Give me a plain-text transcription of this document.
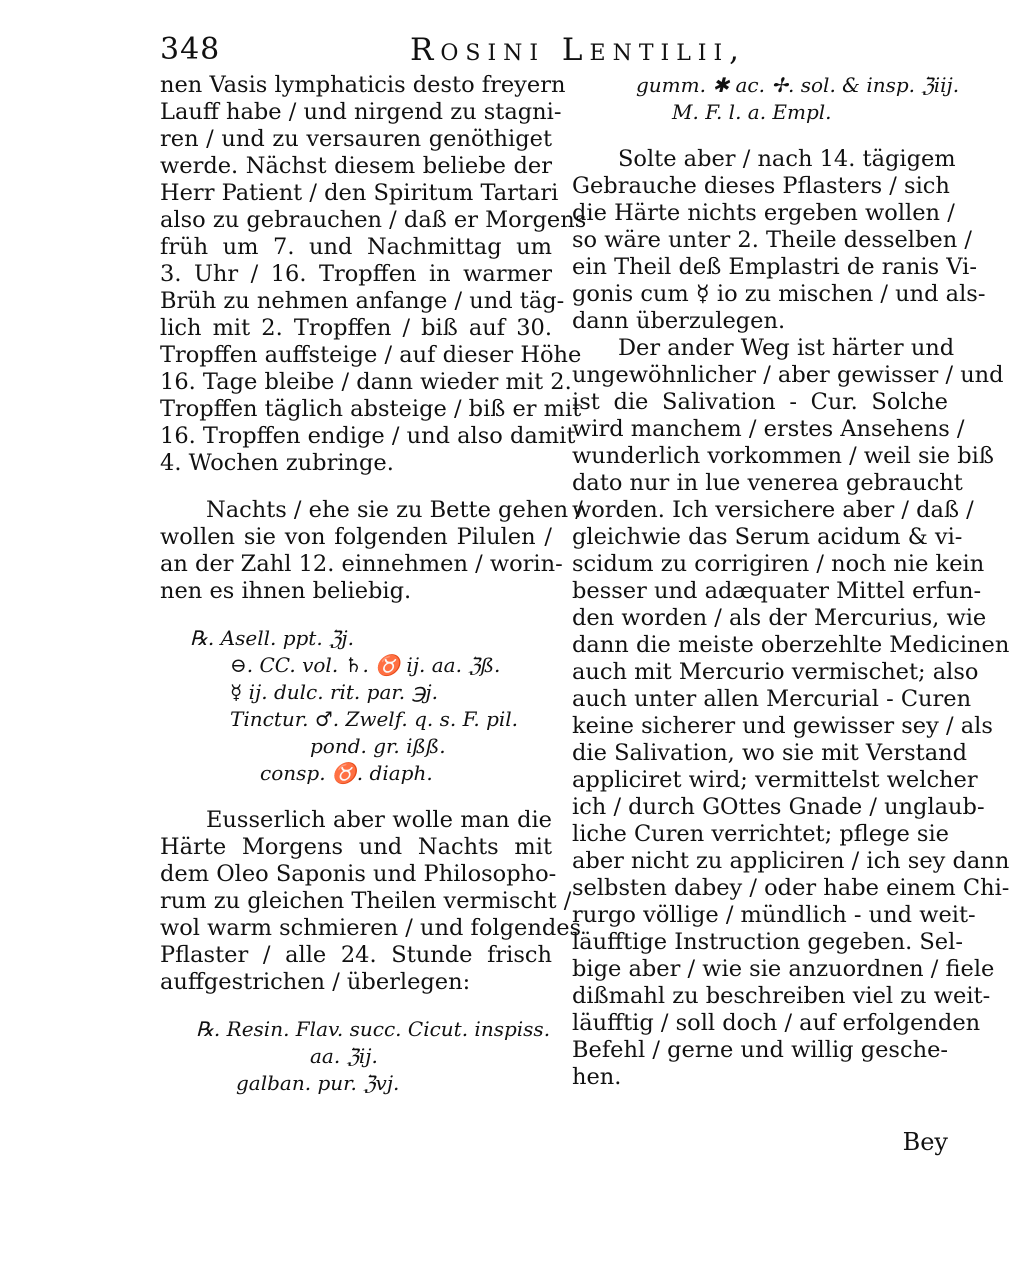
348	Rosini Lentilii,
nen Vasis lymphaticis desto freyern
Lauff habe / und nirgend zu stagni-
ren / und zu versauren genöthiget
werde. Nächst diesem beliebe der
Herr Patient / den Spiritum Tartari
also zu gebrauchen / daß er Morgens
früh um 7. und Nachmittag um
3. Uhr / 16. Tropffen in warmer
Brüh zu nehmen anfange / und täg-
lich mit 2. Tropffen / biß auf 30.
Tropffen auffsteige / auf dieser Höhe
16. Tage bleibe / dann wieder mit 2.
Tropffen täglich absteige / biß er mit
16. Tropffen endige / und also damit
4. Wochen zubringe.
Nachts / ehe sie zu Bette gehen /
wollen sie von folgenden Pilulen /
an der Zahl 12. einnehmen / worin-
nen es ihnen beliebig.
℞. Asell. ppt. ℨj.
⊖. CC. vol. ♄. ♉ ij. aa. ℨß.
☿ ij. dulc. rit. par. ℈j.
Tinctur. ♂. Zwelf. q. s. F. pil.
pond. gr. ißß.
consp. ♉. diaph.
Eusserlich aber wolle man die
Härte Morgens und Nachts mit
dem Oleo Saponis und Philosopho-
rum zu gleichen Theilen vermischt /
wol warm schmieren / und folgendes
Pflaster / alle 24. Stunde frisch
auffgestrichen / überlegen:
℞. Resin. Flav. succ. Cicut. inspiss.
aa. ℨij.
galban. pur. ℨvj.
gumm. ✱ ac. ✢. sol. & insp. ℨiij.
M. F. l. a. Empl.
Solte aber / nach 14. tägigem
Gebrauche dieses Pflasters / sich
die Härte nichts ergeben wollen /
so wäre unter 2. Theile desselben /
ein Theil deß Emplastri de ranis Vi-
gonis cum ☿ io zu mischen / und als-
dann überzulegen.
Der ander Weg ist härter und
ungewöhnlicher / aber gewisser / und
ist die Salivation - Cur. Solche
wird manchem / erstes Ansehens /
wunderlich vorkommen / weil sie biß
dato nur in lue venerea gebraucht
worden. Ich versichere aber / daß /
gleichwie das Serum acidum & vi-
scidum zu corrigiren / noch nie kein
besser und adæquater Mittel erfun-
den worden / als der Mercurius, wie
dann die meiste oberzehlte Medicinen
auch mit Mercurio vermischet; also
auch unter allen Mercurial - Curen
keine sicherer und gewisser sey / als
die Salivation, wo sie mit Verstand
appliciret wird; vermittelst welcher
ich / durch GOttes Gnade / unglaub-
liche Curen verrichtet; pflege sie
aber nicht zu appliciren / ich sey dann
selbsten dabey / oder habe einem Chi-
rurgo völlige / mündlich - und weit-
läufftige Instruction gegeben. Sel-
bige aber / wie sie anzuordnen / fiele
dißmahl zu beschreiben viel zu weit-
läufftig / soll doch / auf erfolgenden
Befehl / gerne und willig gesche-
hen.
Bey
